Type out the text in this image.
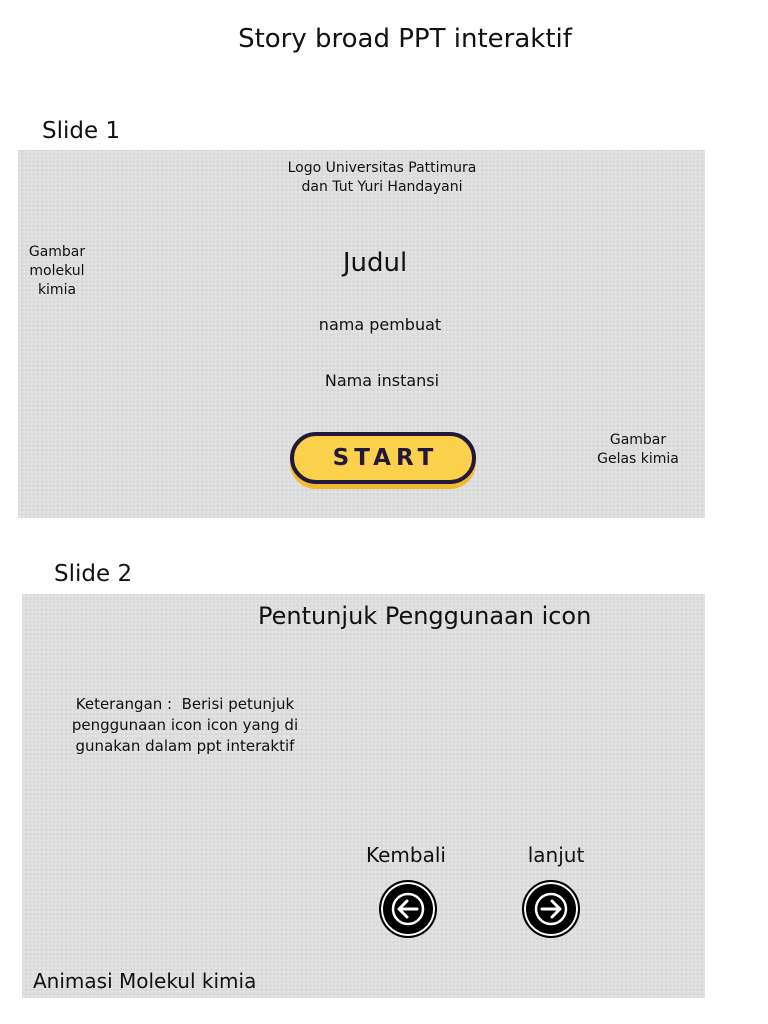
Story broad PPT interaktif
Slide 1
Logo Universitas Pattimura
dan Tut Yuri Handayani
Gambar
molekul
kimia
Judul
nama pembuat
Nama instansi
START
Gambar
Gelas kimia
Slide 2
Pentunjuk Penggunaan icon
Keterangan :  Berisi petunjuk
penggunaan icon icon yang di
gunakan dalam ppt interaktif
Kembali	lanjut
Animasi Molekul kimia
